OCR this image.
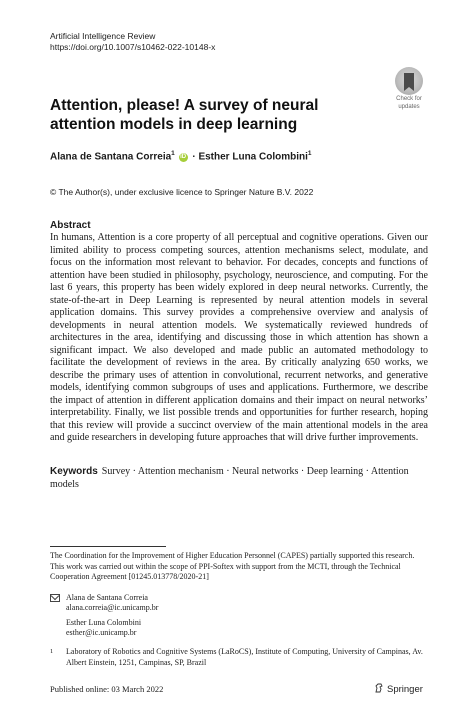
Artificial Intelligence Review
https://doi.org/10.1007/s10462-022-10148-x
Check for
updates
Attention, please! A survey of neural attention models in deep learning
Alana de Santana Correia$^1$ iD · Esther Luna Colombini$^1$
© The Author(s), under exclusive licence to Springer Nature B.V. 2022
Abstract

In humans, Attention is a core property of all perceptual and cognitive operations. Given our limited ability to process competing sources, attention mechanisms select, modulate, and focus on the information most relevant to behavior. For decades, concepts and functions of attention have been studied in philosophy, psychology, neuroscience, and computing. For the last 6 years, this property has been widely explored in deep neural networks. Currently, the state-of-the-art in Deep Learning is represented by neural attention models in several application domains. This survey provides a comprehensive overview and analysis of developments in neural attention models. We systematically reviewed hundreds of architectures in the area, identifying and discussing those in which attention has shown a significant impact. We also developed and made public an automated methodology to facilitate the development of reviews in the area. By critically analyzing 650 works, we describe the primary uses of attention in convolutional, recurrent networks, and generative models, identifying common subgroups of uses and applications. Furthermore, we describe the impact of attention in different application domains and their impact on neural networks’ interpretability. Finally, we list possible trends and opportunities for further research, hoping that this review will provide a succinct overview of the main attentional models in the area and guide researchers in developing future approaches that will drive further improvements.

Keywords Survey · Attention mechanism · Neural networks · Deep learning · Attention models

The Coordination for the Improvement of Higher Education Personnel (CAPES) partially supported this research. This work was carried out within the scope of PPI-Softex with support from the MCTI, through the Technical Cooperation Agreement [01245.013778/2020-21]

Alana de Santana Correia
alana.correia@ic.unicamp.br
Esther Luna Colombini
esther@ic.unicamp.br
1 Laboratory of Robotics and Cognitive Systems (LaRoCS), Institute of Computing, University of Campinas, Av. Albert Einstein, 1251, Campinas, SP, Brazil
Published online: 03 March 2022	Springer
